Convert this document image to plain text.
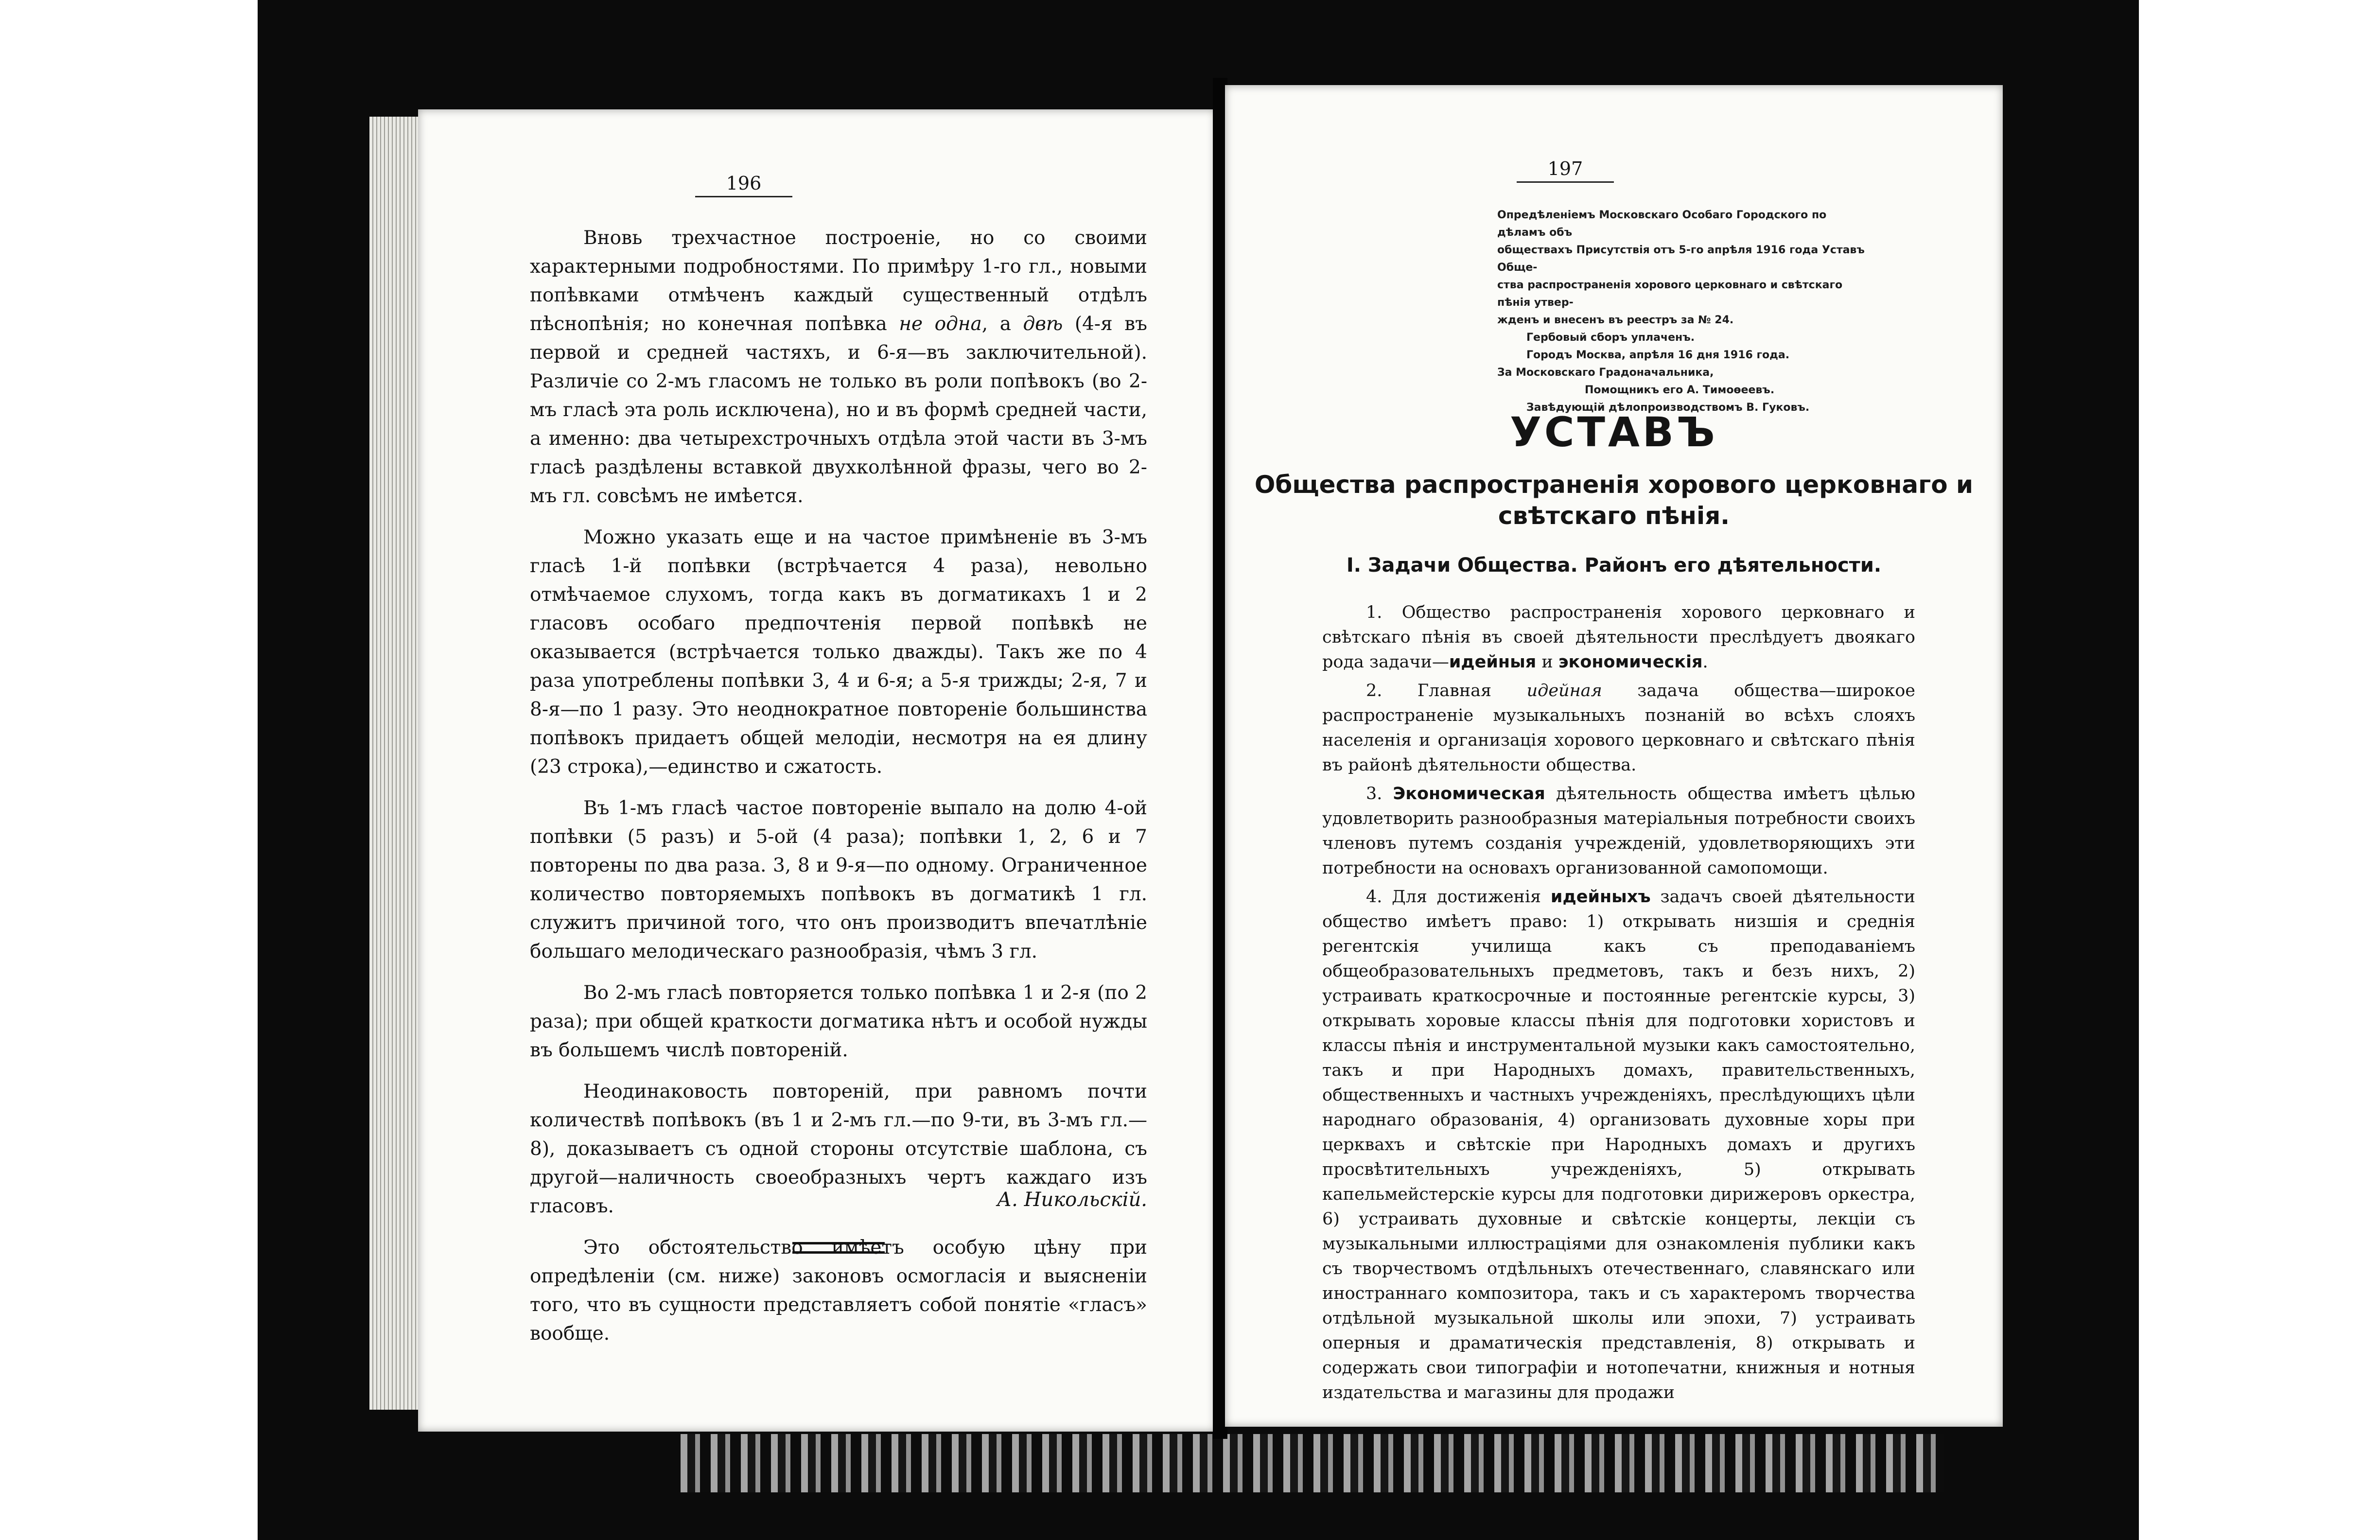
196

Вновь трехчастное построеніе, но со своими характерными подробностями. По примѣру 1-го гл., новыми попѣвками отмѣченъ каждый существенный отдѣлъ пѣснопѣнія; но конечная попѣвка не одна, а двѣ (4-я въ первой и средней частяхъ, и 6-я—въ заключительной). Различіе со 2-мъ гласомъ не только въ роли попѣвокъ (во 2-мъ гласѣ эта роль исключена), но и въ формѣ средней части, а именно: два четырехстрочныхъ отдѣла этой части въ 3-мъ гласѣ раздѣлены вставкой двухколѣнной фразы, чего во 2-мъ гл. совсѣмъ не имѣется.

Можно указать еще и на частое примѣненіе въ 3-мъ гласѣ 1-й попѣвки (встрѣчается 4 раза), невольно отмѣчаемое слухомъ, тогда какъ въ догматикахъ 1 и 2 гласовъ особаго предпочтенія первой попѣвкѣ не оказывается (встрѣчается только дважды). Такъ же по 4 раза употреблены попѣвки 3, 4 и 6-я; а 5-я трижды; 2-я, 7 и 8-я—по 1 разу. Это неоднократное повтореніе большинства попѣвокъ придаетъ общей мелодіи, несмотря на ея длину (23 строка),—единство и сжатость.

Въ 1-мъ гласѣ частое повтореніе выпало на долю 4-ой попѣвки (5 разъ) и 5-ой (4 раза); попѣвки 1, 2, 6 и 7 повторены по два раза. 3, 8 и 9-я—по одному. Ограниченное количество повторяемыхъ попѣвокъ въ догматикѣ 1 гл. служитъ причиной того, что онъ производитъ впечатлѣніе большаго мелодическаго разнообразія, чѣмъ 3 гл.

Во 2-мъ гласѣ повторяется только попѣвка 1 и 2-я (по 2 раза); при общей краткости догматика нѣтъ и особой нужды въ большемъ числѣ повтореній.

Неодинаковость повтореній, при равномъ почти количествѣ попѣвокъ (въ 1 и 2-мъ гл.—по 9-ти, въ 3-мъ гл.—8), доказываетъ съ одной стороны отсутствіе шаблона, съ другой—наличность своеобразныхъ чертъ каждаго изъ гласовъ.

Это обстоятельство имѣетъ особую цѣну при опредѣленіи (см. ниже) законовъ осмогласія и выясненіи того, что въ сущности представляетъ собой понятіе «гласъ» вообще.

А. Никольскій.
197
Опредѣленіемъ Московскаго Особаго Городского по дѣламъ объ
обществахъ Присутствія отъ 5-го апрѣля 1916 года Уставъ Обще-
ства распространенія хорового церковнаго и свѣтскаго пѣнія утвер-
жденъ и внесенъ въ реестръ за № 24.
Гербовый сборъ уплаченъ.
Городъ Москва, апрѣля 16 дня 1916 года.
За Московскаго Градоначальника,
Помощникъ его А. Тимоѳеевъ.
Завѣдующій дѣлопроизводствомъ В. Гуковъ.
УСТАВЪ
Общества распространенія хорового церковнаго и
свѣтскаго пѣнія.
I. Задачи Общества. Районъ его дѣятельности.

1. Общество распространенія хорового церковнаго и свѣтскаго пѣнія въ своей дѣятельности преслѣдуетъ двоякаго рода задачи—идейныя и экономическія.

2. Главная идейная задача общества—широкое распространеніе музыкальныхъ познаній во всѣхъ слояхъ населенія и организація хорового церковнаго и свѣтскаго пѣнія въ районѣ дѣятельности общества.

3. Экономическая дѣятельность общества имѣетъ цѣлью удовлетворить разнообразныя матеріальныя потребности своихъ членовъ путемъ созданія учрежденій, удовлетворяющихъ эти потребности на основахъ организованной самопомощи.

4. Для достиженія идейныхъ задачъ своей дѣятельности общество имѣетъ право: 1) открывать низшія и среднія регентскія училища какъ съ преподаваніемъ общеобразовательныхъ предметовъ, такъ и безъ нихъ, 2) устраивать краткосрочные и постоянные регентскіе курсы, 3) открывать хоровые классы пѣнія для подготовки хористовъ и классы пѣнія и инструментальной музыки какъ самостоятельно, такъ и при Народныхъ домахъ, правительственныхъ, общественныхъ и частныхъ учрежденіяхъ, преслѣдующихъ цѣли народнаго образованія, 4) организовать духовные хоры при церквахъ и свѣтскіе при Народныхъ домахъ и другихъ просвѣтительныхъ учрежденіяхъ, 5) открывать капельмейстерскіе курсы для подготовки дирижеровъ оркестра, 6) устраивать духовные и свѣтскіе концерты, лекціи съ музыкальными иллюстраціями для ознакомленія публики какъ съ творчествомъ отдѣльныхъ отечественнаго, славянскаго или иностраннаго композитора, такъ и съ характеромъ творчества отдѣльной музыкальной школы или эпохи, 7) устраивать оперныя и драматическія представленія, 8) открывать и содержать свои типографіи и нотопечатни, книжныя и нотныя издательства и магазины для продажи
